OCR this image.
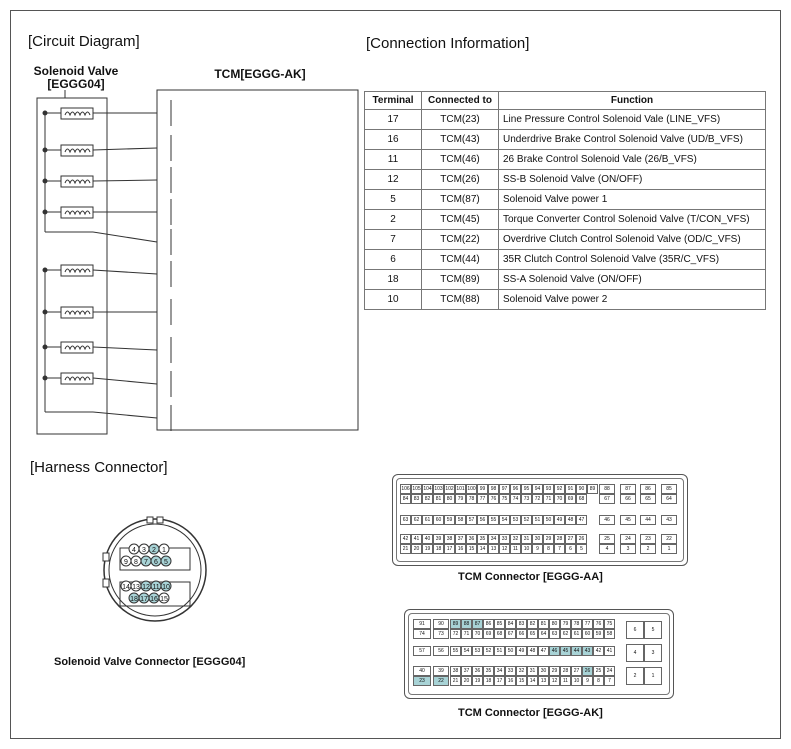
[Circuit Diagram]	[Connection Information]
[Harness Connector]
Solenoid Valve
[EGGG04]
TCM[EGGG-AK]
Terminal	Connected to	Function
17	TCM(23)	Line Pressure Control Solenoid Vale (LINE_VFS)
16	TCM(43)	Underdrive Brake Control Solenoid Valve (UD/B_VFS)
11	TCM(46)	26 Brake Control Solenoid Vale (26/B_VFS)
12	TCM(26)	SS-B Solenoid Valve (ON/OFF)
5	TCM(87)	Solenoid Valve power 1
2	TCM(45)	Torque Converter Control Solenoid Valve (T/CON_VFS)
7	TCM(22)	Overdrive Clutch Control Solenoid Valve (OD/C_VFS)
6	TCM(44)	35R Clutch Control Solenoid Valve (35R/C_VFS)
18	TCM(89)	SS-A Solenoid Valve (ON/OFF)
10	TCM(88)	Solenoid Valve power 2
4 3 2 1
9 8 7 6 5
14 13 12 11 10
18 17 16 15
Solenoid Valve Connector [EGGG04]
106 105 104 103 102 101 100 99	98	97	96	95	94	93	92	91	90	89
84	83	82	81	80	79	78	77	76	75	74	73	72	71	70	69	68
88
67
87
66
86
65
85
64
63	62	61	60	59	58	57	56	55	54	53	52	51	50	49	48	47	46	45	44	43
42	41	40	39	38	37	36	35	34	33	32	31	30	29	28	27	26
21	20	19	18	17	16	15	14	13	12	11	10	9	8	7	6	5
25
4
24
3
23
2
22
1
TCM Connector [EGGG-AA]
91	90	89	88	87	86	85	84	83	82	81	80	79	78	77	76	75
74	73	72	71	70	69	68	67	66	65	64	63	62	61	60	59	58
57	56	55	54	53	52	51	50	49	48	47	46	45	44	43	42	41
40	39	38	37	36	35	34	33	32	31	30	29	28	27	26	25	24
23	22	21	20	19	18	17	16	15	14	13	12	11	10	9	8	7
6	5
4	3
2	1
TCM Connector [EGGG-AK]
